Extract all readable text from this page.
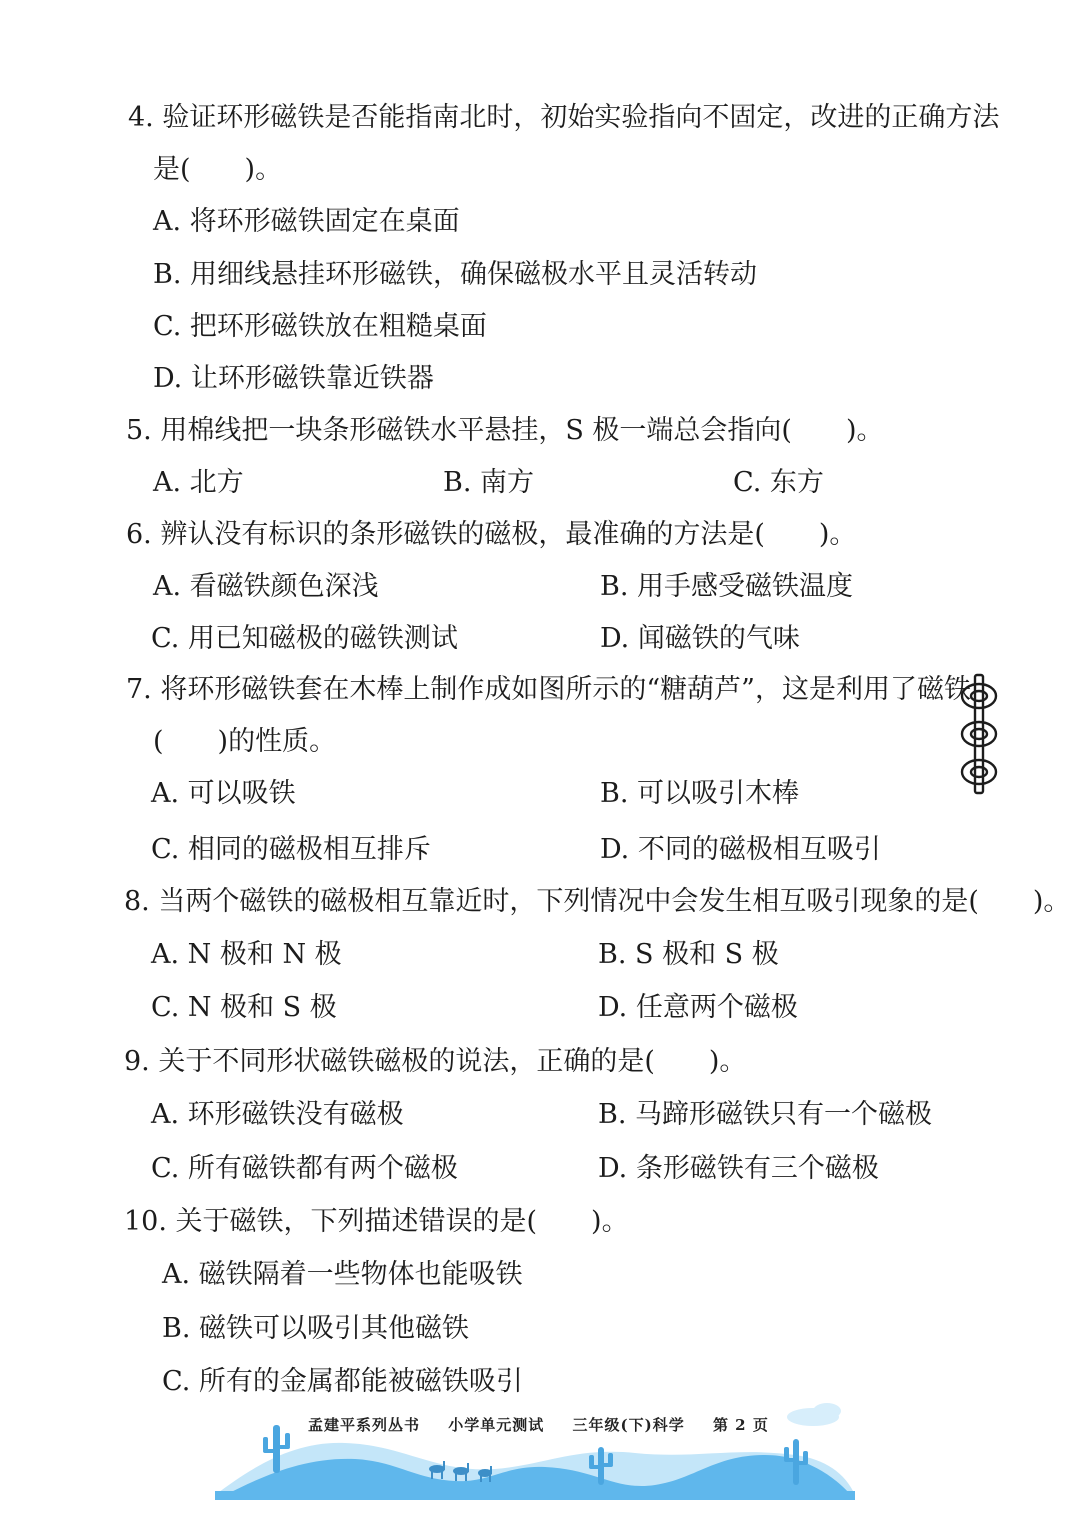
4. 验证环形磁铁是否能指南北时，初始实验指向不固定，改进的正确方法
是(　　)。
A. 将环形磁铁固定在桌面
B. 用细线悬挂环形磁铁，确保磁极水平且灵活转动
C. 把环形磁铁放在粗糙桌面
D. 让环形磁铁靠近铁器
5. 用棉线把一块条形磁铁水平悬挂，S 极一端总会指向(　　)。
A. 北方	B. 南方	C. 东方
6. 辨认没有标识的条形磁铁的磁极，最准确的方法是(　　)。
A. 看磁铁颜色深浅	B. 用手感受磁铁温度
C. 用已知磁极的磁铁测试	D. 闻磁铁的气味
7. 将环形磁铁套在木棒上制作成如图所示的“糖葫芦”，这是利用了磁铁
(　　)的性质。
A. 可以吸铁	B. 可以吸引木棒
C. 相同的磁极相互排斥	D. 不同的磁极相互吸引
8. 当两个磁铁的磁极相互靠近时，下列情况中会发生相互吸引现象的是(　　)。
A. N 极和 N 极	B. S 极和 S 极
C. N 极和 S 极	D. 任意两个磁极
9. 关于不同形状磁铁磁极的说法，正确的是(　　)。
A. 环形磁铁没有磁极	B. 马蹄形磁铁只有一个磁极
C. 所有磁铁都有两个磁极	D. 条形磁铁有三个磁极
10. 关于磁铁，下列描述错误的是(　　)。
A. 磁铁隔着一些物体也能吸铁
B. 磁铁可以吸引其他磁铁
C. 所有的金属都能被磁铁吸引
孟建平系列丛书 小学单元测试 三年级(下)科学 第 2 页
